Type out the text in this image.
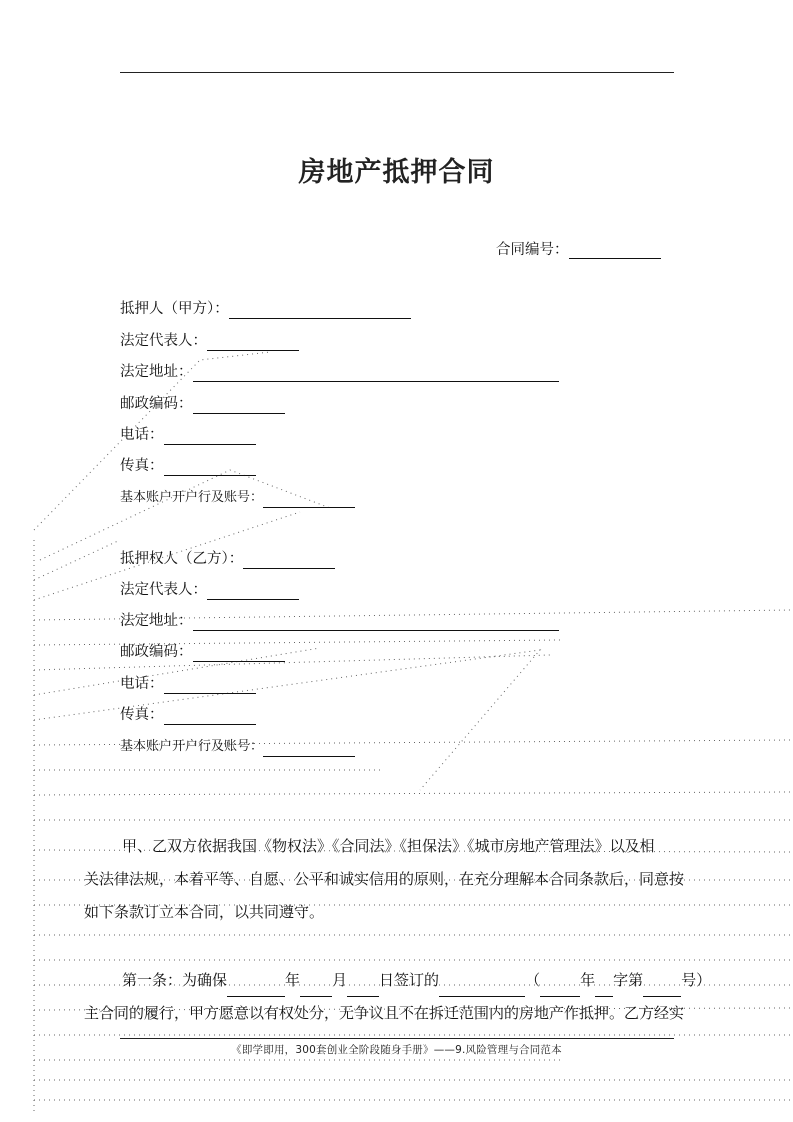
房地产抵押合同
合同编号：
抵押人（甲方）：
法定代表人：
法定地址：
邮政编码：
电话：
传真：
基本账户开户行及账号：
抵押权人（乙方）：
法定代表人：
法定地址：
邮政编码：
电话：
传真：
基本账户开户行及账号：
甲、乙双方依据我国《物权法》《合同法》《担保法》《城市房地产管理法》以及相
关法律法规，本着平等、自愿、公平和诚实信用的原则，在充分理解本合同条款后，同意按
如下条款订立本合同，以共同遵守。
第一条：为确保	年 月 日签订的	（	年 字第	号）
主合同的履行，甲方愿意以有权处分，无争议且不在拆迁范围内的房地产作抵押。乙方经实
《即学即用，300套创业全阶段随身手册》——9.风险管理与合同范本
